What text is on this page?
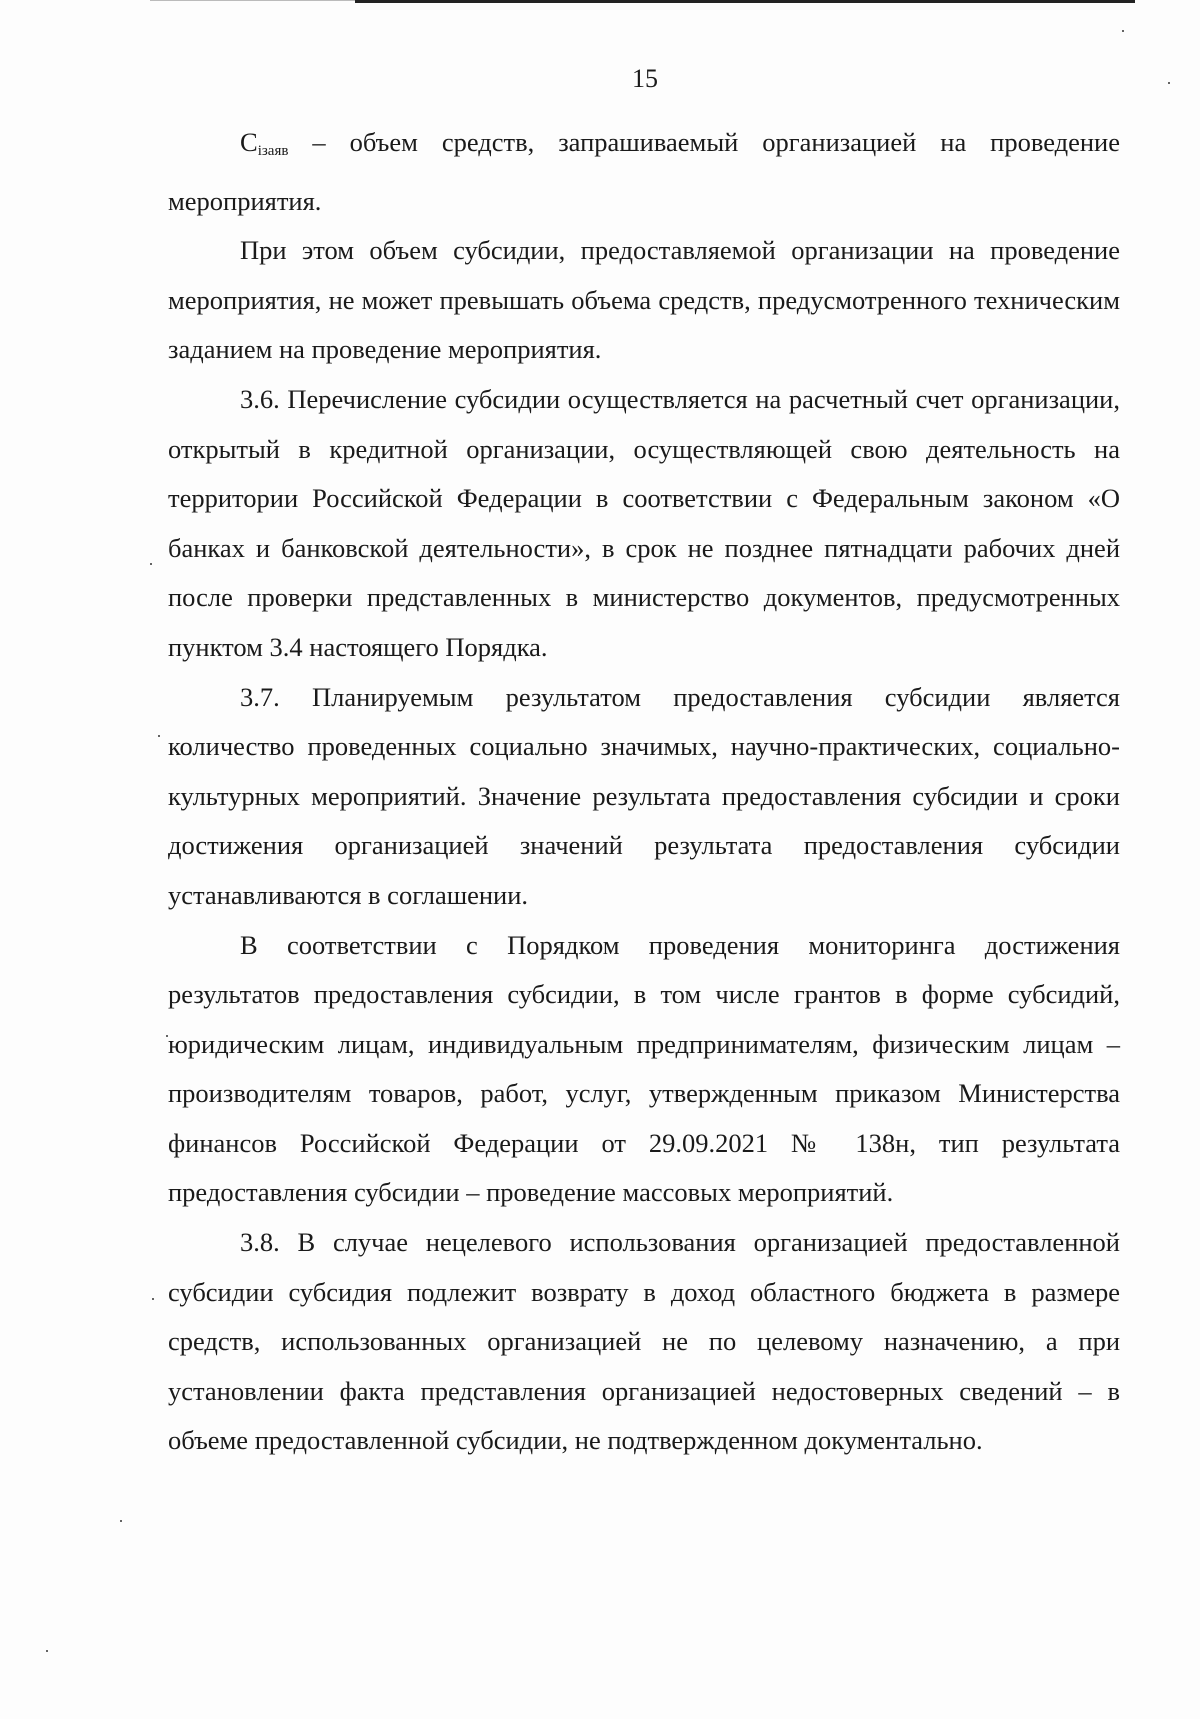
15

$C_{iзаяв}$ – объем средств, запрашиваемый организацией на проведение мероприятия.

При этом объем субсидии, предоставляемой организации на проведение мероприятия, не может превышать объема средств, предусмотренного техническим заданием на проведение мероприятия.

3.6. Перечисление субсидии осуществляется на расчетный счет организации, открытый в кредитной организации, осуществляющей свою деятельность на территории Российской Федерации в соответствии с Федеральным законом «О банках и банковской деятельности», в срок не позднее пятнадцати рабочих дней после проверки представленных в министерство документов, предусмотренных пунктом 3.4 настоящего Порядка.

3.7. Планируемым результатом предоставления субсидии является количество проведенных социально значимых, научно-практических, социально-культурных мероприятий. Значение результата предоставления субсидии и сроки достижения организацией значений результата предоставления субсидии устанавливаются в соглашении.

В соответствии с Порядком проведения мониторинга достижения результатов предоставления субсидии, в том числе грантов в форме субсидий, юридическим лицам, индивидуальным предпринимателям, физическим лицам – производителям товаров, работ, услуг, утвержденным приказом Министерства финансов Российской Федерации от 29.09.2021 № 138н, тип результата предоставления субсидии – проведение массовых мероприятий.

3.8. В случае нецелевого использования организацией предоставленной субсидии субсидия подлежит возврату в доход областного бюджета в размере средств, использованных организацией не по целевому назначению, а при установлении факта представления организацией недостоверных сведений – в объеме предоставленной субсидии, не подтвержденном документально.
